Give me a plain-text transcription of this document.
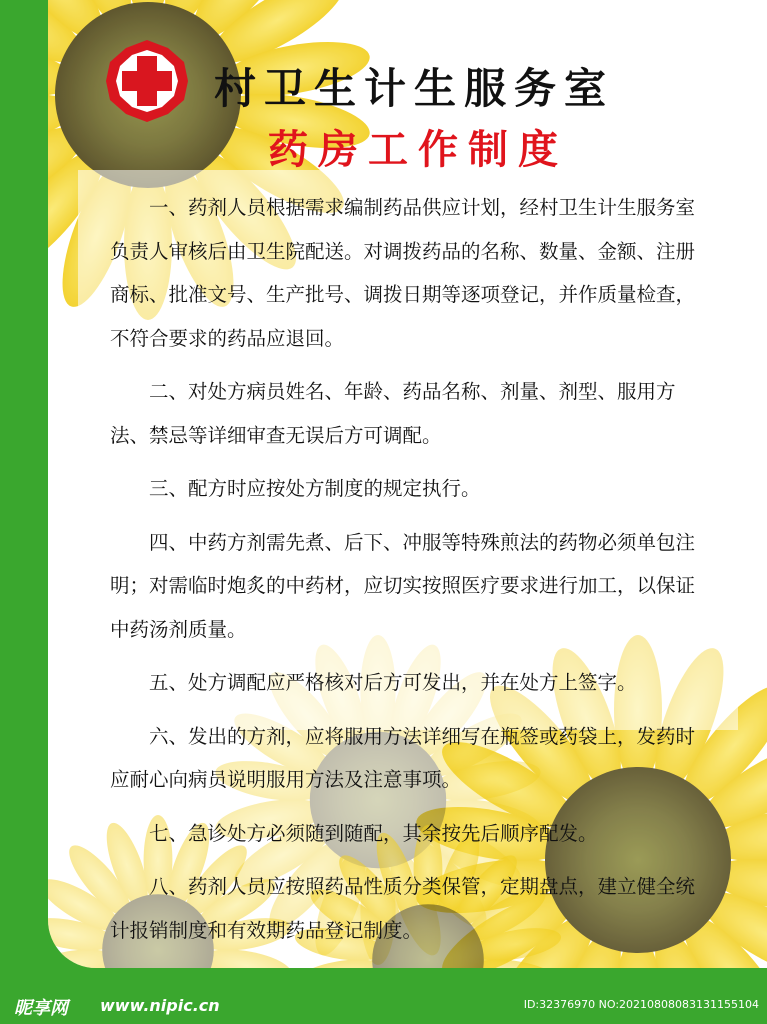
村卫生计生服务室
药房工作制度

一、药剂人员根据需求编制药品供应计划，经村卫生计生服务室负责人审核后由卫生院配送。对调拨药品的名称、数量、金额、注册商标、批准文号、生产批号、调拨日期等逐项登记，并作质量检查，不符合要求的药品应退回。

二、对处方病员姓名、年龄、药品名称、剂量、剂型、服用方法、禁忌等详细审查无误后方可调配。

三、配方时应按处方制度的规定执行。

四、中药方剂需先煮、后下、冲服等特殊煎法的药物必须单包注明；对需临时炮炙的中药材，应切实按照医疗要求进行加工，以保证中药汤剂质量。

五、处方调配应严格核对后方可发出，并在处方上签字。

六、发出的方剂，应将服用方法详细写在瓶签或药袋上，发药时应耐心向病员说明服用方法及注意事项。

七、急诊处方必须随到随配，其余按先后顺序配发。

八、药剂人员应按照药品性质分类保管，定期盘点，建立健全统计报销制度和有效期药品登记制度。

昵享网 www.nipic.cn	ID:32376970 NO:20210808083131155104
